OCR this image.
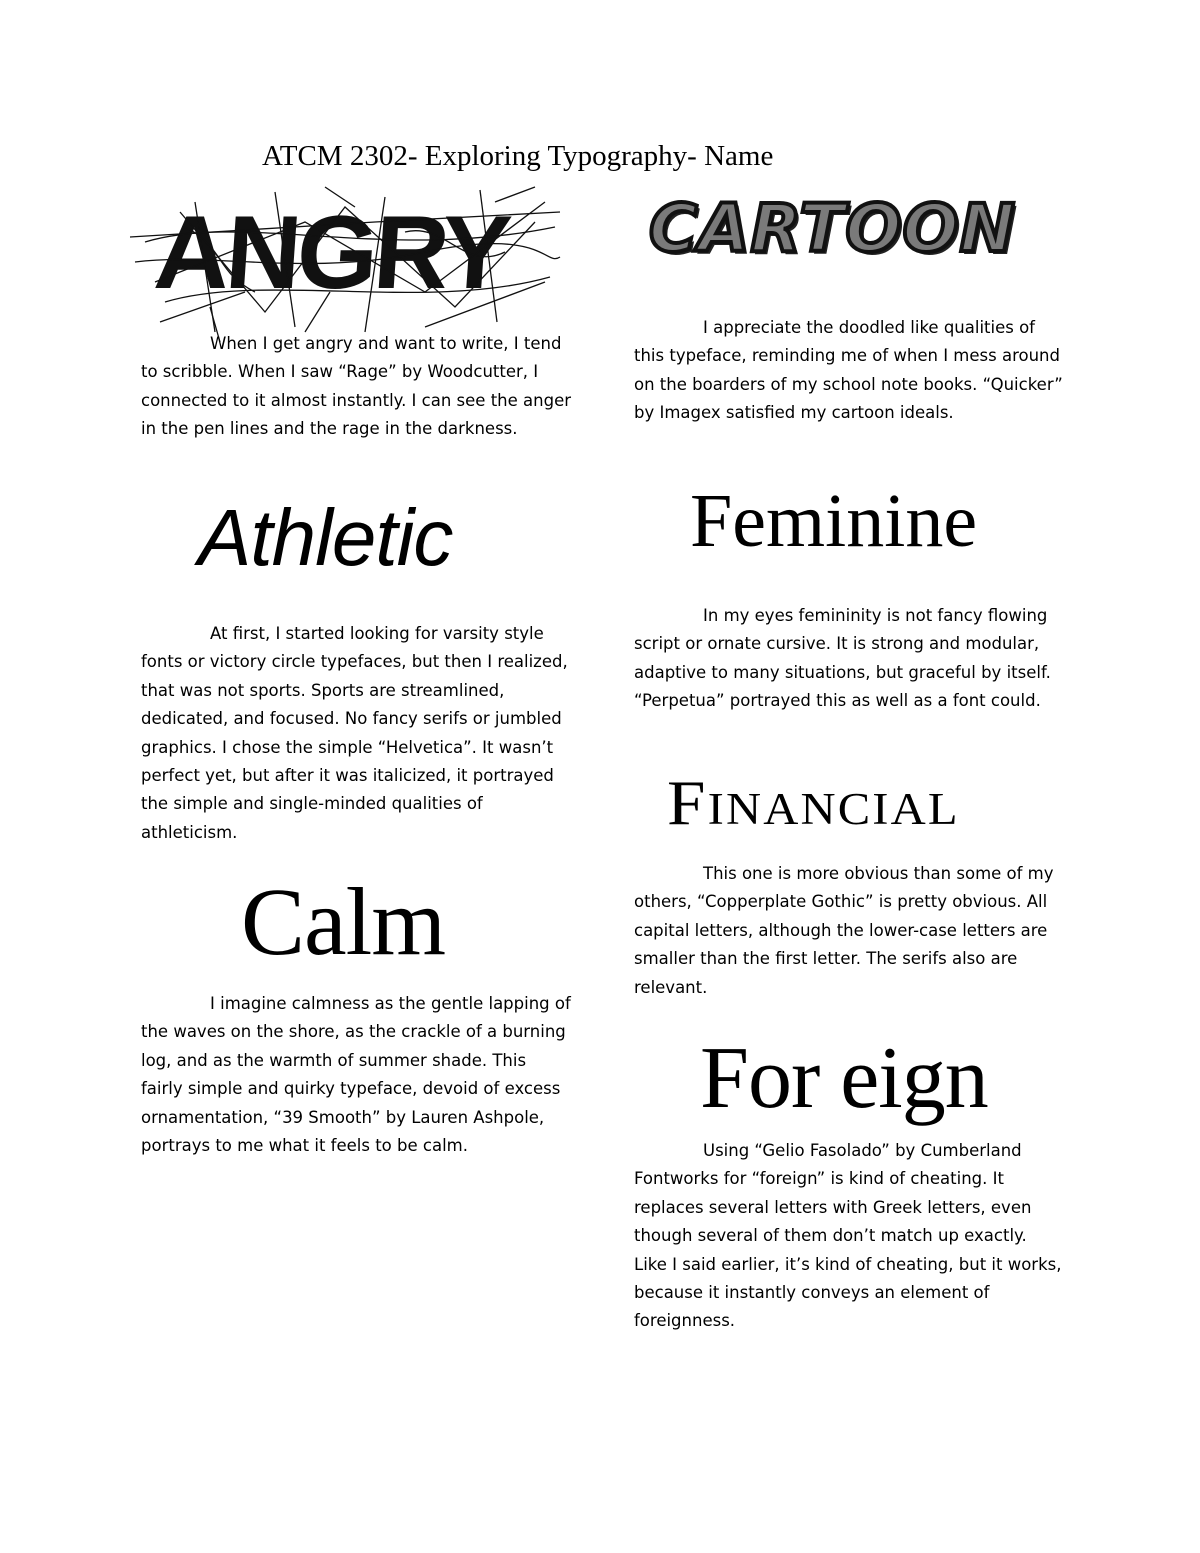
ATCM 2302- Exploring Typography- Name
ANGRY

When I get angry and want to write, I tend to scribble. When I saw “Rage” by Woodcutter, I connected to it almost instantly. I can see the anger in the pen lines and the rage in the darkness.

CARTOON

I appreciate the doodled like qualities of this typeface, reminding me of when I mess around on the boarders of my school note books. “Quicker” by Imagex satisfied my cartoon ideals.

Athletic

At first, I started looking for varsity style fonts or victory circle typefaces, but then I realized, that was not sports. Sports are streamlined, dedicated, and focused. No fancy serifs or jumbled graphics. I chose the simple “Helvetica”. It wasn’t perfect yet, but after it was italicized, it portrayed the simple and single-minded qualities of athleticism.

Feminine

In my eyes femininity is not fancy flowing script or ornate cursive. It is strong and modular, adaptive to many situations, but graceful by itself. “Perpetua” portrayed this as well as a font could.

Financial

This one is more obvious than some of my others, “Copperplate Gothic” is pretty obvious. All capital letters, although the lower-case letters are smaller than the first letter. The serifs also are relevant.

Calm

I imagine calmness as the gentle lapping of the waves on the shore, as the crackle of a burning log, and as the warmth of summer shade. This fairly simple and quirky typeface, devoid of excess ornamentation, “39 Smooth” by Lauren Ashpole, portrays to me what it feels to be calm.

For eign

Using “Gelio Fasolado” by Cumberland Fontworks for “foreign” is kind of cheating. It replaces several letters with Greek letters, even though several of them don’t match up exactly. Like I said earlier, it’s kind of cheating, but it works, because it instantly conveys an element of foreignness.
